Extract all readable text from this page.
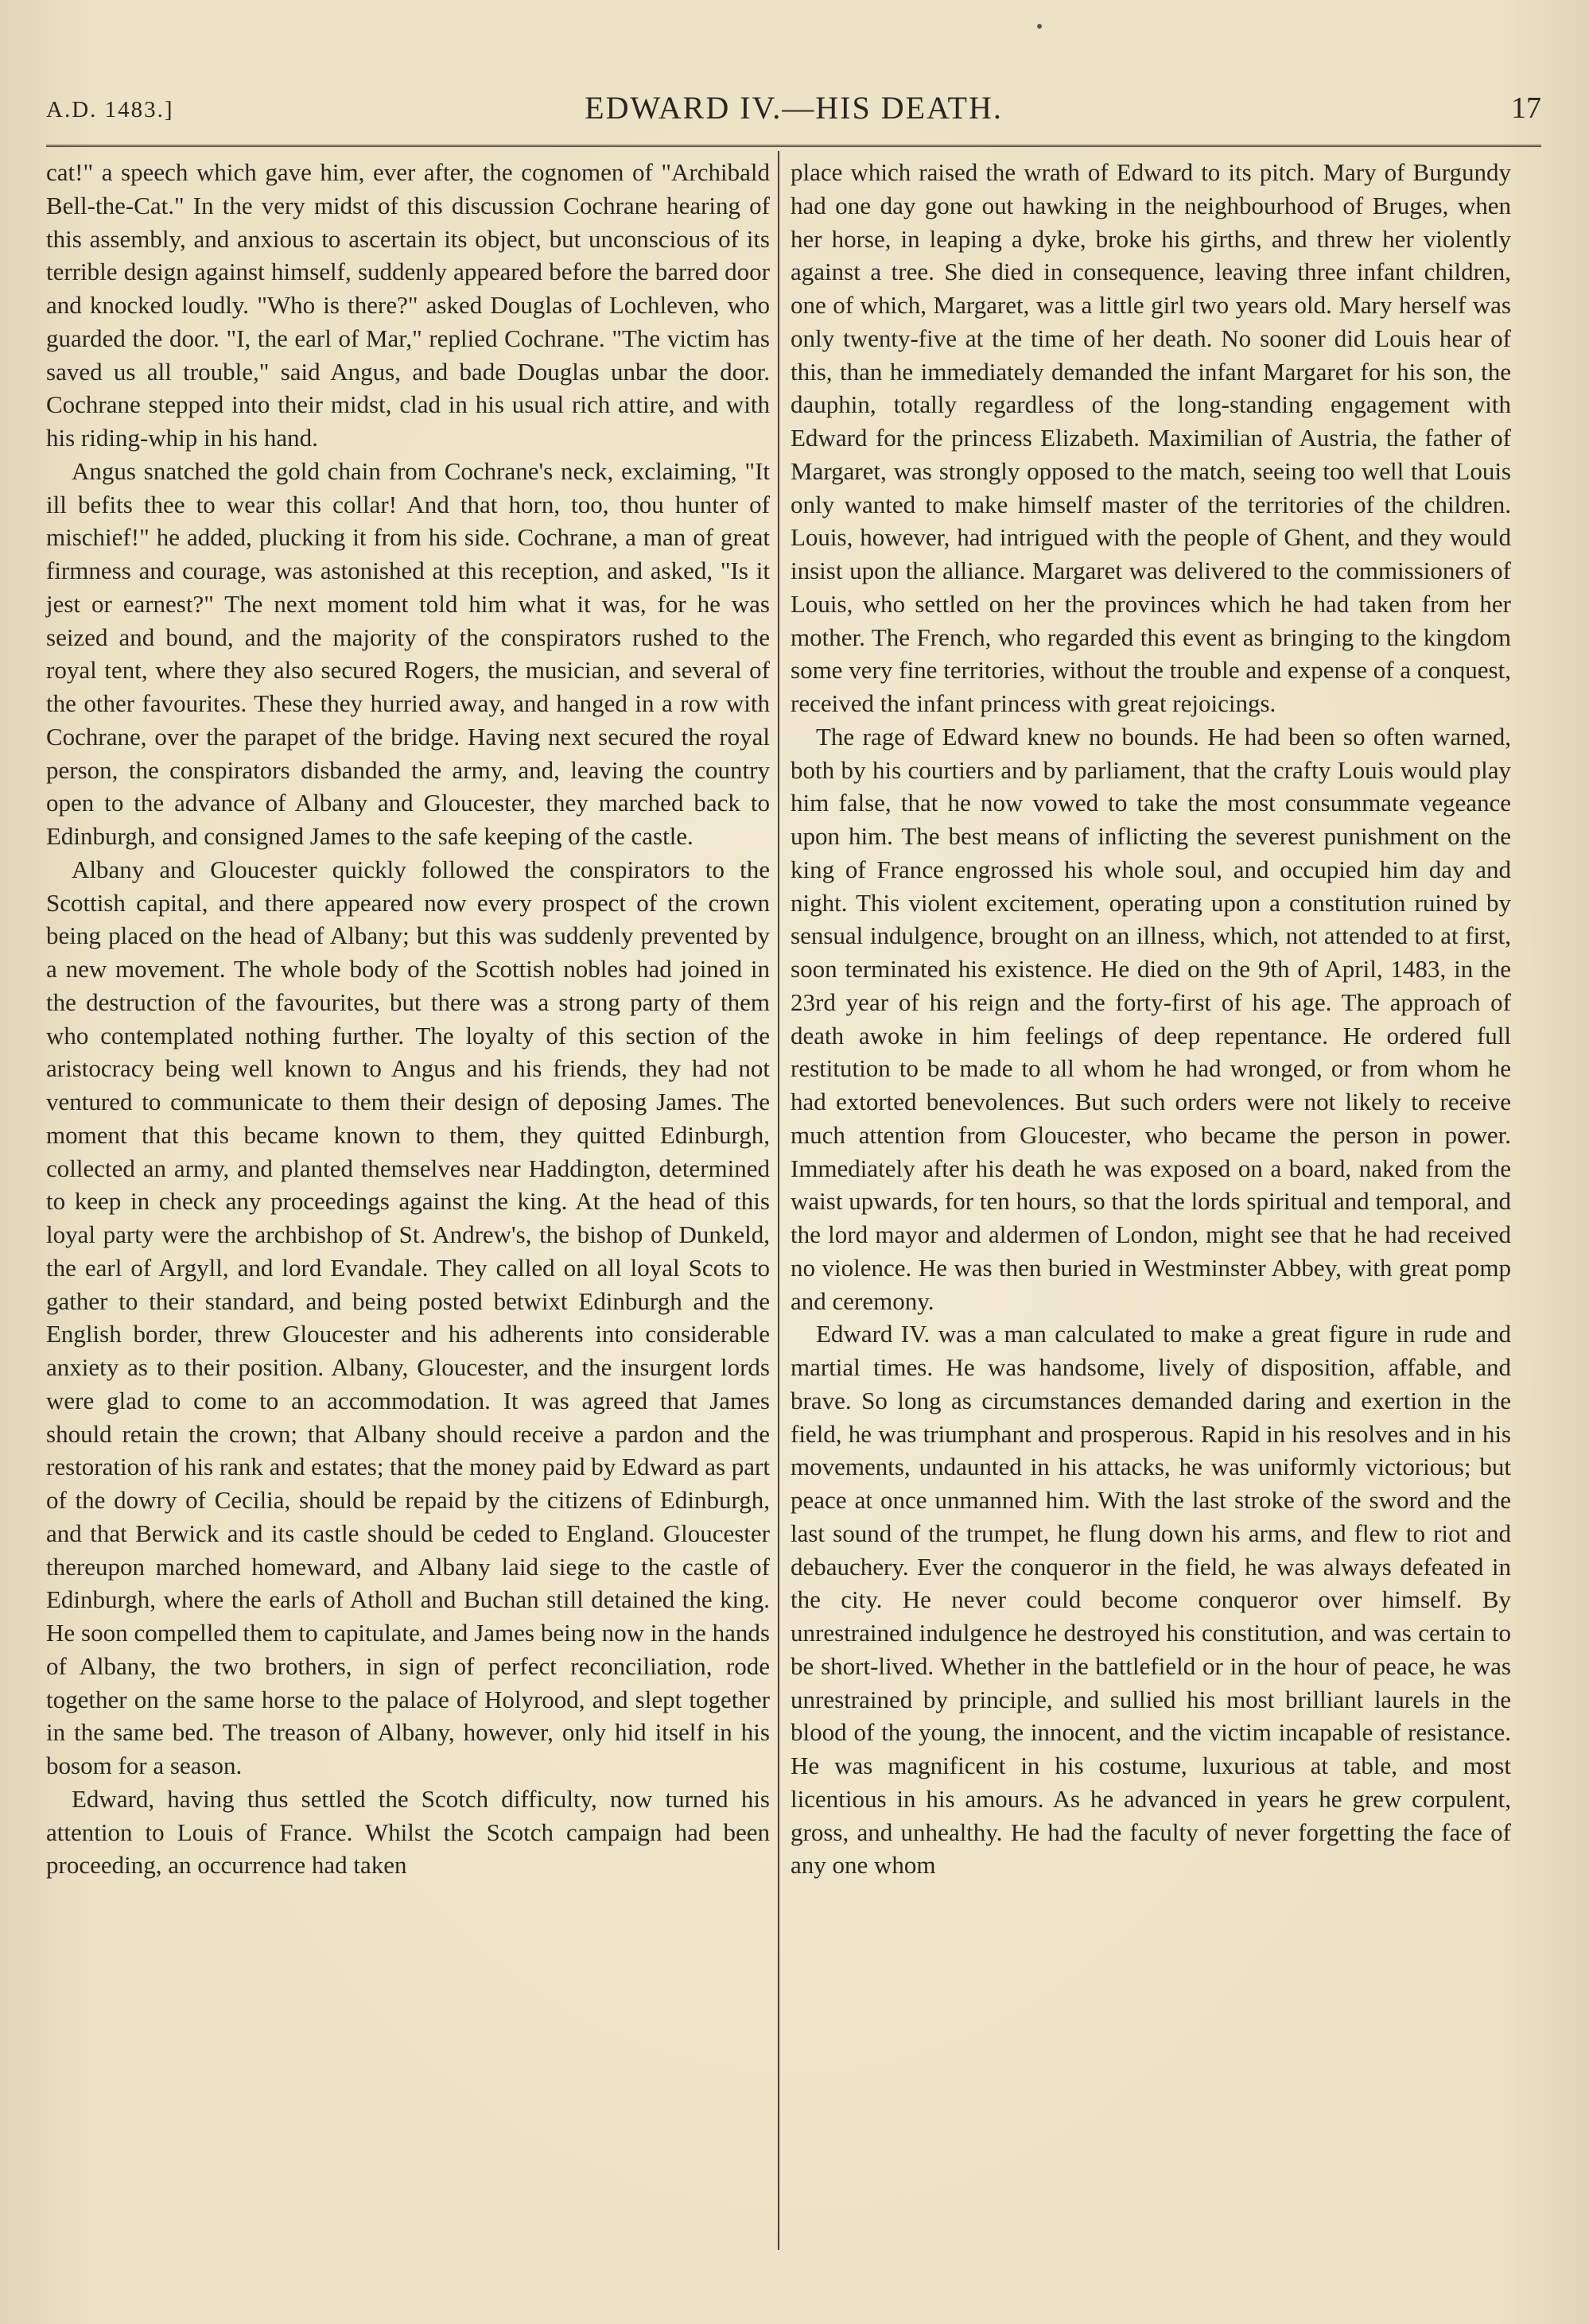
A.D. 1483.]	EDWARD IV.—HIS DEATH.	17

cat!" a speech which gave him, ever after, the cognomen of "Archibald Bell-the-Cat." In the very midst of this discussion Cochrane hearing of this assembly, and anxious to ascertain its object, but unconscious of its terrible design against himself, suddenly appeared before the barred door and knocked loudly. "Who is there?" asked Douglas of Lochleven, who guarded the door. "I, the earl of Mar," replied Cochrane. "The victim has saved us all trouble," said Angus, and bade Douglas unbar the door. Cochrane stepped into their midst, clad in his usual rich attire, and with his riding-whip in his hand.

Angus snatched the gold chain from Cochrane's neck, exclaiming, "It ill befits thee to wear this collar! And that horn, too, thou hunter of mischief!" he added, plucking it from his side. Cochrane, a man of great firmness and courage, was astonished at this reception, and asked, "Is it jest or earnest?" The next moment told him what it was, for he was seized and bound, and the majority of the conspirators rushed to the royal tent, where they also secured Rogers, the musician, and several of the other favourites. These they hurried away, and hanged in a row with Cochrane, over the parapet of the bridge. Having next secured the royal person, the conspirators disbanded the army, and, leaving the country open to the advance of Albany and Gloucester, they marched back to Edinburgh, and consigned James to the safe keeping of the castle.

Albany and Gloucester quickly followed the conspirators to the Scottish capital, and there appeared now every prospect of the crown being placed on the head of Albany; but this was suddenly prevented by a new movement. The whole body of the Scottish nobles had joined in the destruction of the favourites, but there was a strong party of them who contemplated nothing further. The loyalty of this section of the aristocracy being well known to Angus and his friends, they had not ventured to communicate to them their design of deposing James. The moment that this became known to them, they quitted Edinburgh, collected an army, and planted themselves near Haddington, determined to keep in check any proceedings against the king. At the head of this loyal party were the archbishop of St. Andrew's, the bishop of Dunkeld, the earl of Argyll, and lord Evandale. They called on all loyal Scots to gather to their standard, and being posted betwixt Edinburgh and the English border, threw Gloucester and his adherents into considerable anxiety as to their position. Albany, Gloucester, and the insurgent lords were glad to come to an accommodation. It was agreed that James should retain the crown; that Albany should receive a pardon and the restoration of his rank and estates; that the money paid by Edward as part of the dowry of Cecilia, should be repaid by the citizens of Edinburgh, and that Berwick and its castle should be ceded to England. Gloucester thereupon marched homeward, and Albany laid siege to the castle of Edinburgh, where the earls of Atholl and Buchan still detained the king. He soon compelled them to capitulate, and James being now in the hands of Albany, the two brothers, in sign of perfect reconciliation, rode together on the same horse to the palace of Holyrood, and slept together in the same bed. The treason of Albany, however, only hid itself in his bosom for a season.

Edward, having thus settled the Scotch difficulty, now turned his attention to Louis of France. Whilst the Scotch campaign had been proceeding, an occurrence had taken

place which raised the wrath of Edward to its pitch. Mary of Burgundy had one day gone out hawking in the neighbourhood of Bruges, when her horse, in leaping a dyke, broke his girths, and threw her violently against a tree. She died in consequence, leaving three infant children, one of which, Margaret, was a little girl two years old. Mary herself was only twenty-five at the time of her death. No sooner did Louis hear of this, than he immediately demanded the infant Margaret for his son, the dauphin, totally regardless of the long-standing engagement with Edward for the princess Elizabeth. Maximilian of Austria, the father of Margaret, was strongly opposed to the match, seeing too well that Louis only wanted to make himself master of the territories of the children. Louis, however, had intrigued with the people of Ghent, and they would insist upon the alliance. Margaret was delivered to the commissioners of Louis, who settled on her the provinces which he had taken from her mother. The French, who regarded this event as bringing to the kingdom some very fine territories, without the trouble and expense of a conquest, received the infant princess with great rejoicings.

The rage of Edward knew no bounds. He had been so often warned, both by his courtiers and by parliament, that the crafty Louis would play him false, that he now vowed to take the most consummate vegeance upon him. The best means of inflicting the severest punishment on the king of France engrossed his whole soul, and occupied him day and night. This violent excitement, operating upon a constitution ruined by sensual indulgence, brought on an illness, which, not attended to at first, soon terminated his existence. He died on the 9th of April, 1483, in the 23rd year of his reign and the forty-first of his age. The approach of death awoke in him feelings of deep repentance. He ordered full restitution to be made to all whom he had wronged, or from whom he had extorted benevolences. But such orders were not likely to receive much attention from Gloucester, who became the person in power. Immediately after his death he was exposed on a board, naked from the waist upwards, for ten hours, so that the lords spiritual and temporal, and the lord mayor and aldermen of London, might see that he had received no violence. He was then buried in Westminster Abbey, with great pomp and ceremony.

Edward IV. was a man calculated to make a great figure in rude and martial times. He was handsome, lively of disposition, affable, and brave. So long as circumstances demanded daring and exertion in the field, he was triumphant and prosperous. Rapid in his resolves and in his movements, undaunted in his attacks, he was uniformly victorious; but peace at once unmanned him. With the last stroke of the sword and the last sound of the trumpet, he flung down his arms, and flew to riot and debauchery. Ever the conqueror in the field, he was always defeated in the city. He never could become conqueror over himself. By unrestrained indulgence he destroyed his constitution, and was certain to be short-lived. Whether in the battlefield or in the hour of peace, he was unrestrained by principle, and sullied his most brilliant laurels in the blood of the young, the innocent, and the victim incapable of resistance. He was magnificent in his costume, luxurious at table, and most licentious in his amours. As he advanced in years he grew corpulent, gross, and unhealthy. He had the faculty of never forgetting the face of any one whom
